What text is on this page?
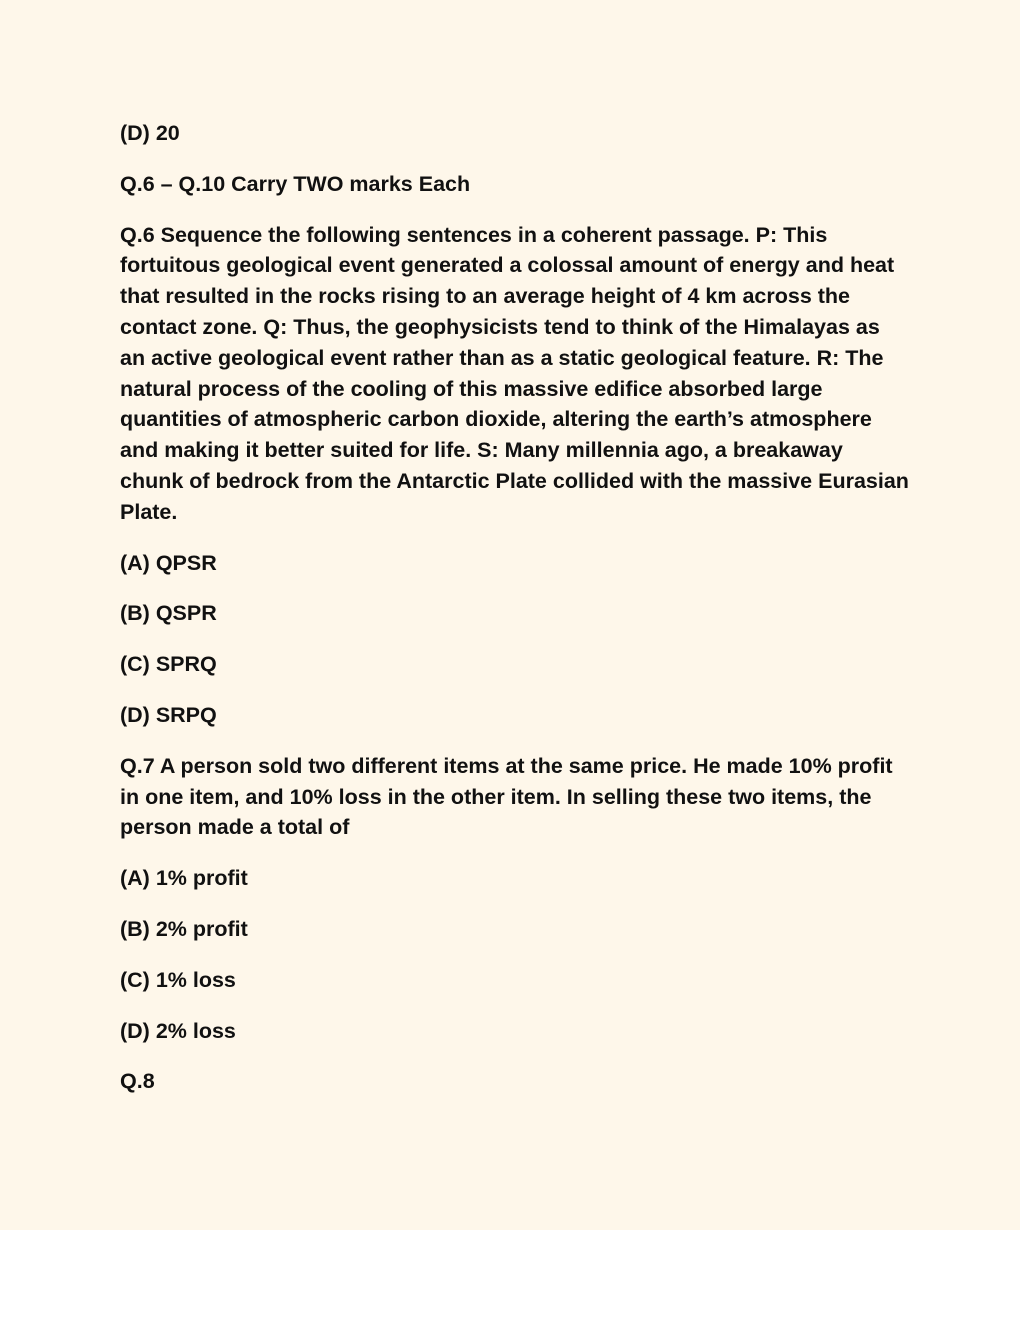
(D) 20

Q.6 – Q.10 Carry TWO marks Each

Q.6 Sequence the following sentences in a coherent passage. P: This fortuitous geological event generated a colossal amount of energy and heat that resulted in the rocks rising to an average height of 4 km across the contact zone. Q: Thus, the geophysicists tend to think of the Himalayas as an active geological event rather than as a static geological feature. R: The natural process of the cooling of this massive edifice absorbed large quantities of atmospheric carbon dioxide, altering the earth’s atmosphere and making it better suited for life. S: Many millennia ago, a breakaway chunk of bedrock from the Antarctic Plate collided with the massive Eurasian Plate.

(A) QPSR

(B) QSPR

(C) SPRQ

(D) SRPQ

Q.7 A person sold two different items at the same price. He made 10% profit in one item, and 10% loss in the other item. In selling these two items, the person made a total of

(A) 1% profit

(B) 2% profit

(C) 1% loss

(D) 2% loss

Q.8
